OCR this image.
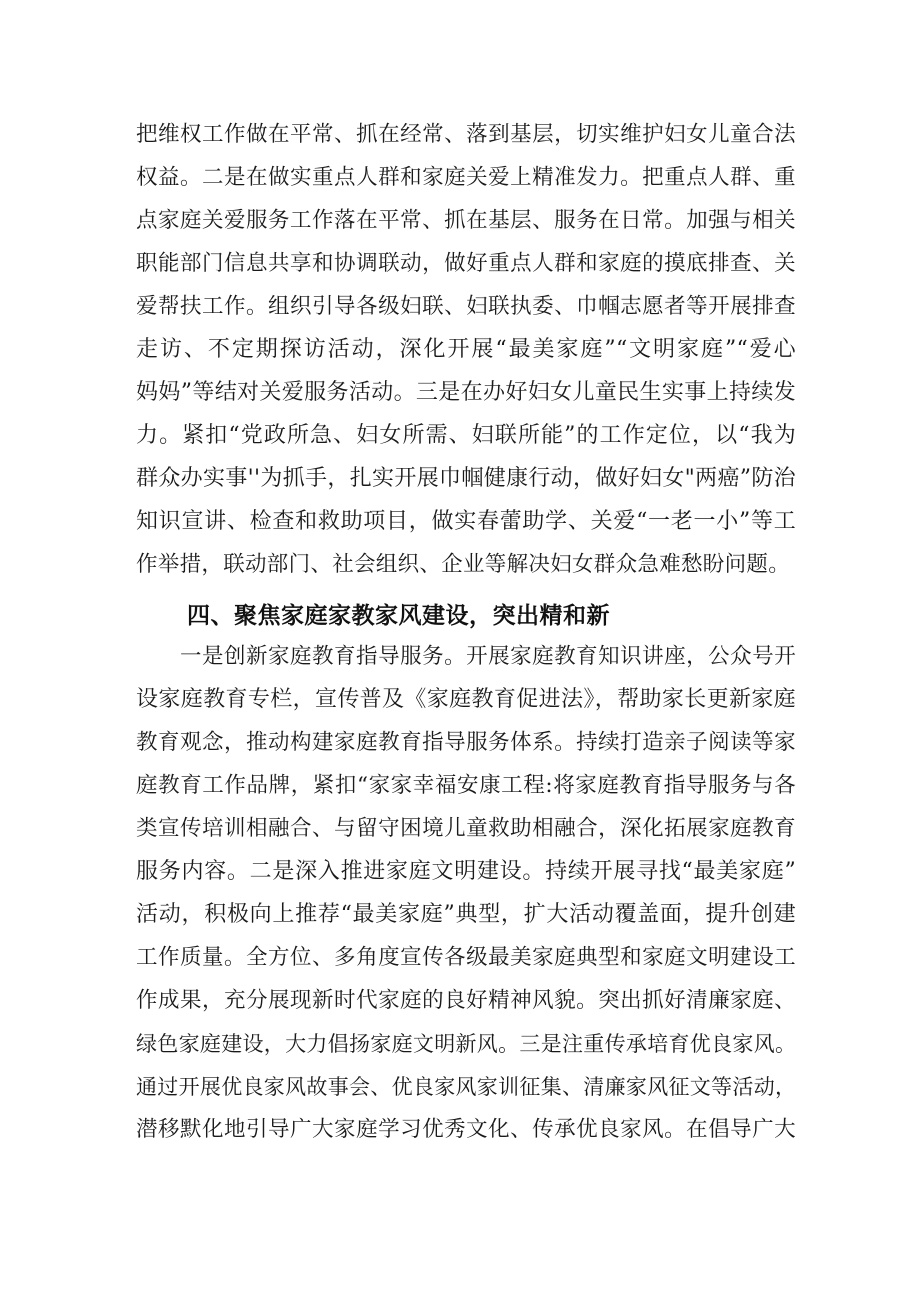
把维权工作做在平常、抓在经常、落到基层，切实维护妇女儿童合法
权益。二是在做实重点人群和家庭关爱上精准发力。把重点人群、重
点家庭关爱服务工作落在平常、抓在基层、服务在日常。加强与相关
职能部门信息共享和协调联动，做好重点人群和家庭的摸底排查、关
爱帮扶工作。组织引导各级妇联、妇联执委、巾帼志愿者等开展排查
走访、不定期探访活动，深化开展“最美家庭”“文明家庭”“爱心
妈妈”等结对关爱服务活动。三是在办好妇女儿童民生实事上持续发
力。紧扣“党政所急、妇女所需、妇联所能”的工作定位，以“我为
群众办实事''为抓手，扎实开展巾帼健康行动，做好妇女"两癌”防治
知识宣讲、检查和救助项目，做实春蕾助学、关爱“一老一小”等工
作举措，联动部门、社会组织、企业等解决妇女群众急难愁盼问题。
四、聚焦家庭家教家风建设，突出精和新
一是创新家庭教育指导服务。开展家庭教育知识讲座，公众号开
设家庭教育专栏，宣传普及《家庭教育促进法》，帮助家长更新家庭
教育观念，推动构建家庭教育指导服务体系。持续打造亲子阅读等家
庭教育工作品牌，紧扣“家家幸福安康工程:将家庭教育指导服务与各
类宣传培训相融合、与留守困境儿童救助相融合，深化拓展家庭教育
服务内容。二是深入推进家庭文明建设。持续开展寻找“最美家庭”
活动，积极向上推荐“最美家庭”典型，扩大活动覆盖面，提升创建
工作质量。全方位、多角度宣传各级最美家庭典型和家庭文明建设工
作成果，充分展现新时代家庭的良好精神风貌。突出抓好清廉家庭、
绿色家庭建设，大力倡扬家庭文明新风。三是注重传承培育优良家风。
通过开展优良家风故事会、优良家风家训征集、清廉家风征文等活动，
潜移默化地引导广大家庭学习优秀文化、传承优良家风。在倡导广大
